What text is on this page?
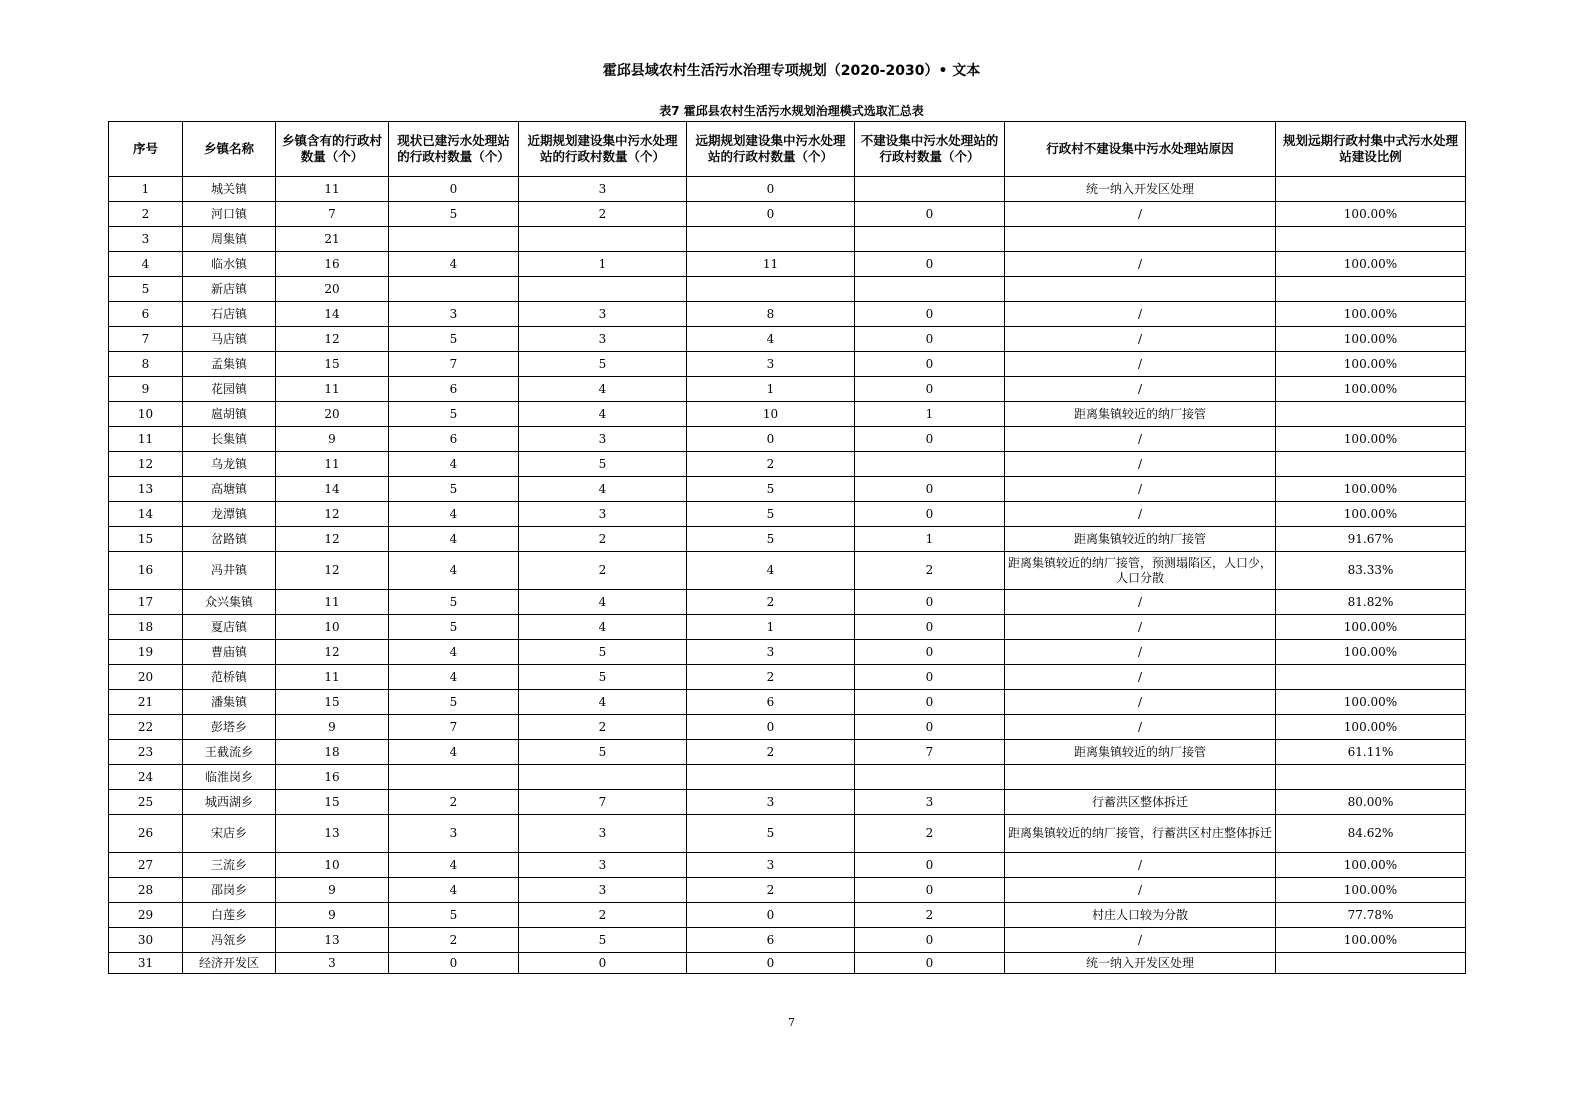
霍邱县域农村生活污水治理专项规划（2020-2030）• 文本
表7 霍邱县农村生活污水规划治理模式选取汇总表
序号	乡镇名称	乡镇含有的行政村数量（个）	现状已建污水处理站的行政村数量（个）	近期规划建设集中污水处理站的行政村数量（个）	远期规划建设集中污水处理站的行政村数量（个）	不建设集中污水处理站的行政村数量（个）	行政村不建设集中污水处理站原因	规划远期行政村集中式污水处理站建设比例
1	城关镇	11	0	3	0		统一纳入开发区处理	
2	河口镇	7	5	2	0	0	/	100.00%
3	周集镇	21						
4	临水镇	16	4	1	11	0	/	100.00%
5	新店镇	20						
6	石店镇	14	3	3	8	0	/	100.00%
7	马店镇	12	5	3	4	0	/	100.00%
8	孟集镇	15	7	5	3	0	/	100.00%
9	花园镇	11	6	4	1	0	/	100.00%
10	扈胡镇	20	5	4	10	1	距离集镇较近的纳厂接管	
11	长集镇	9	6	3	0	0	/	100.00%
12	乌龙镇	11	4	5	2		/	
13	高塘镇	14	5	4	5	0	/	100.00%
14	龙潭镇	12	4	3	5	0	/	100.00%
15	岔路镇	12	4	2	5	1	距离集镇较近的纳厂接管	91.67%
16	冯井镇	12	4	2	4	2	距离集镇较近的纳厂接管，预测塌陷区，人口少，人口分散	83.33%
17	众兴集镇	11	5	4	2	0	/	81.82%
18	夏店镇	10	5	4	1	0	/	100.00%
19	曹庙镇	12	4	5	3	0	/	100.00%
20	范桥镇	11	4	5	2	0	/	
21	潘集镇	15	5	4	6	0	/	100.00%
22	彭塔乡	9	7	2	0	0	/	100.00%
23	王截流乡	18	4	5	2	7	距离集镇较近的纳厂接管	61.11%
24	临淮岗乡	16						
25	城西湖乡	15	2	7	3	3	行蓄洪区整体拆迁	80.00%
26	宋店乡	13	3	3	5	2	距离集镇较近的纳厂接管，行蓄洪区村庄整体拆迁	84.62%
27	三流乡	10	4	3	3	0	/	100.00%
28	邵岗乡	9	4	3	2	0	/	100.00%
29	白莲乡	9	5	2	0	2	村庄人口较为分散	77.78%
30	冯瓴乡	13	2	5	6	0	/	100.00%
31	经济开发区	3	0	0	0	0	统一纳入开发区处理	
7
